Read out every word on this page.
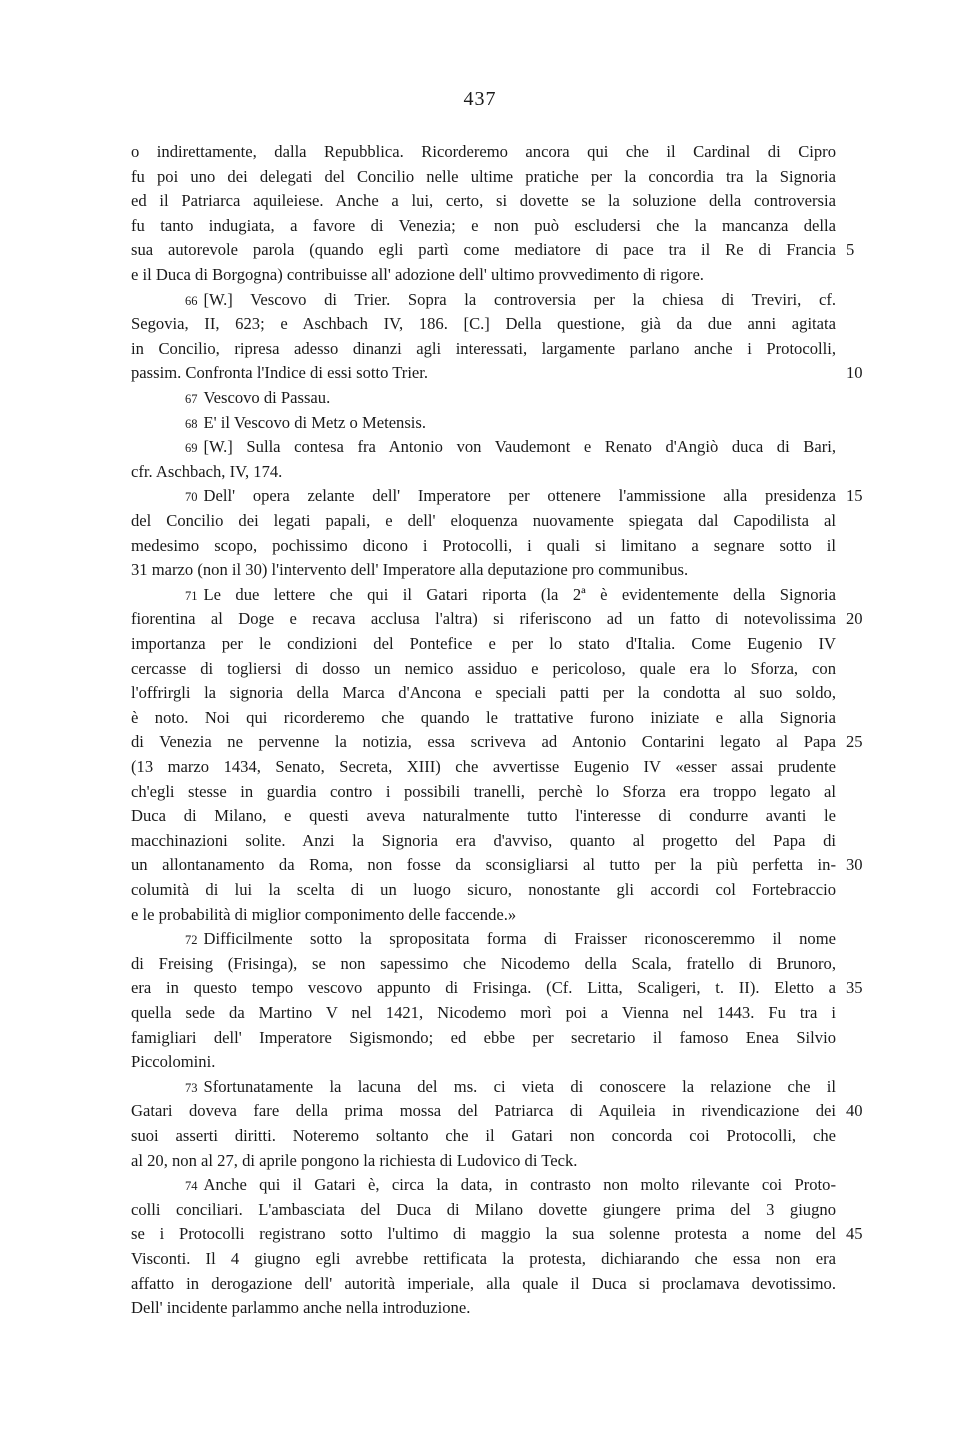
437
o indirettamente, dalla Repubblica. Ricorderemo ancora qui che il Cardinal di Cipro
fu poi uno dei delegati del Concilio nelle ultime pratiche per la concordia tra la Signoria
ed il Patriarca aquileiese. Anche a lui, certo, si dovette se la soluzione della controversia
fu tanto indugiata, a favore di Venezia; e non può escludersi che la mancanza della
sua autorevole parola (quando egli partì come mediatore di pace tra il Re di Francia 5
e il Duca di Borgogna) contribuisse all' adozione dell' ultimo provvedimento di rigore.
66 [W.] Vescovo di Trier. Sopra la controversia per la chiesa di Treviri, cf.
Segovia, II, 623; e Aschbach IV, 186. [C.] Della questione, già da due anni agitata
in Concilio, ripresa adesso dinanzi agli interessati, largamente parlano anche i Protocolli,
passim. Confronta l'Indice di essi sotto Trier.	10
67 Vescovo di Passau.
68 E' il Vescovo di Metz o Metensis.
69 [W.] Sulla contesa fra Antonio von Vaudemont e Renato d'Angiò duca di Bari,
cfr. Aschbach, IV, 174.
70 Dell' opera zelante dell' Imperatore per ottenere l'ammissione alla presidenza 15
del Concilio dei legati papali, e dell' eloquenza nuovamente spiegata dal Capodilista al
medesimo scopo, pochissimo dicono i Protocolli, i quali si limitano a segnare sotto il
31 marzo (non il 30) l'intervento dell' Imperatore alla deputazione pro communibus.
71 Le due lettere che qui il Gatari riporta (la 2ª è evidentemente della Signoria
fiorentina al Doge e recava acclusa l'altra) si riferiscono ad un fatto di notevolissima 20
importanza per le condizioni del Pontefice e per lo stato d'Italia. Come Eugenio IV
cercasse di togliersi di dosso un nemico assiduo e pericoloso, quale era lo Sforza, con
l'offrirgli la signoria della Marca d'Ancona e speciali patti per la condotta al suo soldo,
è noto. Noi qui ricorderemo che quando le trattative furono iniziate e alla Signoria
di Venezia ne pervenne la notizia, essa scriveva ad Antonio Contarini legato al Papa 25
(13 marzo 1434, Senato, Secreta, XIII) che avvertisse Eugenio IV «esser assai prudente
ch'egli stesse in guardia contro i possibili tranelli, perchè lo Sforza era troppo legato al
Duca di Milano, e questi aveva naturalmente tutto l'interesse di condurre avanti le
macchinazioni solite. Anzi la Signoria era d'avviso, quanto al progetto del Papa di
un allontanamento da Roma, non fosse da sconsigliarsi al tutto per la più perfetta in- 30
columità di lui la scelta di un luogo sicuro, nonostante gli accordi col Fortebraccio
e le probabilità di miglior componimento delle faccende.»
72 Difficilmente sotto la spropositata forma di Fraisser riconosceremmo il nome
di Freising (Frisinga), se non sapessimo che Nicodemo della Scala, fratello di Brunoro,
era in questo tempo vescovo appunto di Frisinga. (Cf. Litta, Scaligeri, t. II). Eletto a 35
quella sede da Martino V nel 1421, Nicodemo morì poi a Vienna nel 1443. Fu tra i
famigliari dell' Imperatore Sigismondo; ed ebbe per secretario il famoso Enea Silvio
Piccolomini.
73 Sfortunatamente la lacuna del ms. ci vieta di conoscere la relazione che il
Gatari doveva fare della prima mossa del Patriarca di Aquileia in rivendicazione dei 40
suoi asserti diritti. Noteremo soltanto che il Gatari non concorda coi Protocolli, che
al 20, non al 27, di aprile pongono la richiesta di Ludovico di Teck.
74 Anche qui il Gatari è, circa la data, in contrasto non molto rilevante coi Proto-
colli conciliari. L'ambasciata del Duca di Milano dovette giungere prima del 3 giugno
se i Protocolli registrano sotto l'ultimo di maggio la sua solenne protesta a nome del 45
Visconti. Il 4 giugno egli avrebbe rettificata la protesta, dichiarando che essa non era
affatto in derogazione dell' autorità imperiale, alla quale il Duca si proclamava devotissimo.
Dell' incidente parlammo anche nella introduzione.
